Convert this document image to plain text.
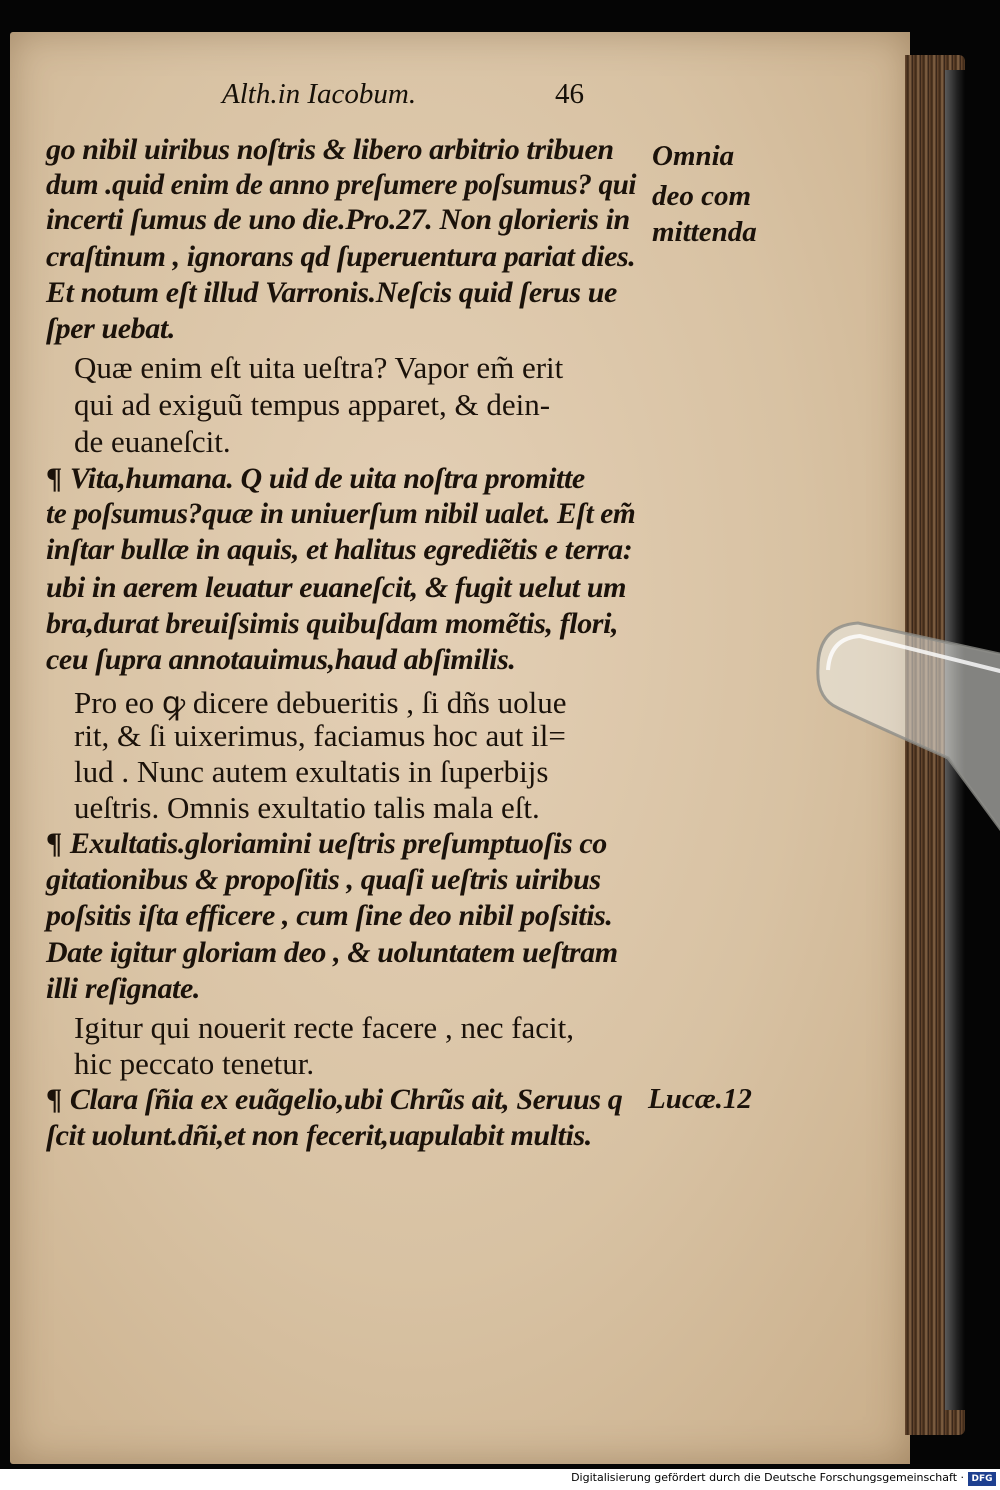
Alth.in Iacobum.	46
go nibil uiribus noſtris & libero arbitrio tribuen
dum .quid enim de anno preſumere poſsumus? qui
incerti ſumus de uno die.Pro.27. Non glorieris in
craſtinum , ignorans qd ſuperuentura pariat dies.
Et notum eſt illud Varronis.Neſcis quid ſerus ue
ſper uebat.
Quæ enim eſt uita ueſtra? Vapor em̃ erit
qui ad exiguũ tempus apparet, & dein-
de euaneſcit.
¶ Vita,humana. Q uid de uita noſtra promitte
te poſsumus?quæ in uniuerſum nibil ualet. Eſt em̃
inſtar bullæ in aquis, et halitus egrediẽtis e terra:
ubi in aerem leuatur euaneſcit, & fugit uelut um
bra,durat breuiſsimis quibuſdam momẽtis, flori,
ceu ſupra annotauimus,haud abſimilis.
Pro eo ꝙ dicere debueritis , ſi dñs uolue
rit, & ſi uixerimus, faciamus hoc aut il=
lud . Nunc autem exultatis in ſuperbijs
ueſtris. Omnis exultatio talis mala eſt.
¶ Exultatis.gloriamini ueſtris preſumptuoſis co
gitationibus & propoſitis , quaſi ueſtris uiribus
poſsitis iſta efficere , cum ſine deo nibil poſsitis.
Date igitur gloriam deo , & uoluntatem ueſtram
illi reſignate.
Igitur qui nouerit recte facere , nec facit,
hic peccato tenetur.
¶ Clara ſñia ex euãgelio,ubi Chrũs ait, Seruus q
ſcit uolunt.dñi,et non fecerit,uapulabit multis.
Omnia
deo com
mittenda
Lucæ.12
Digitalisierung gefördert durch die Deutsche Forschungsgemeinschaft · DFG
